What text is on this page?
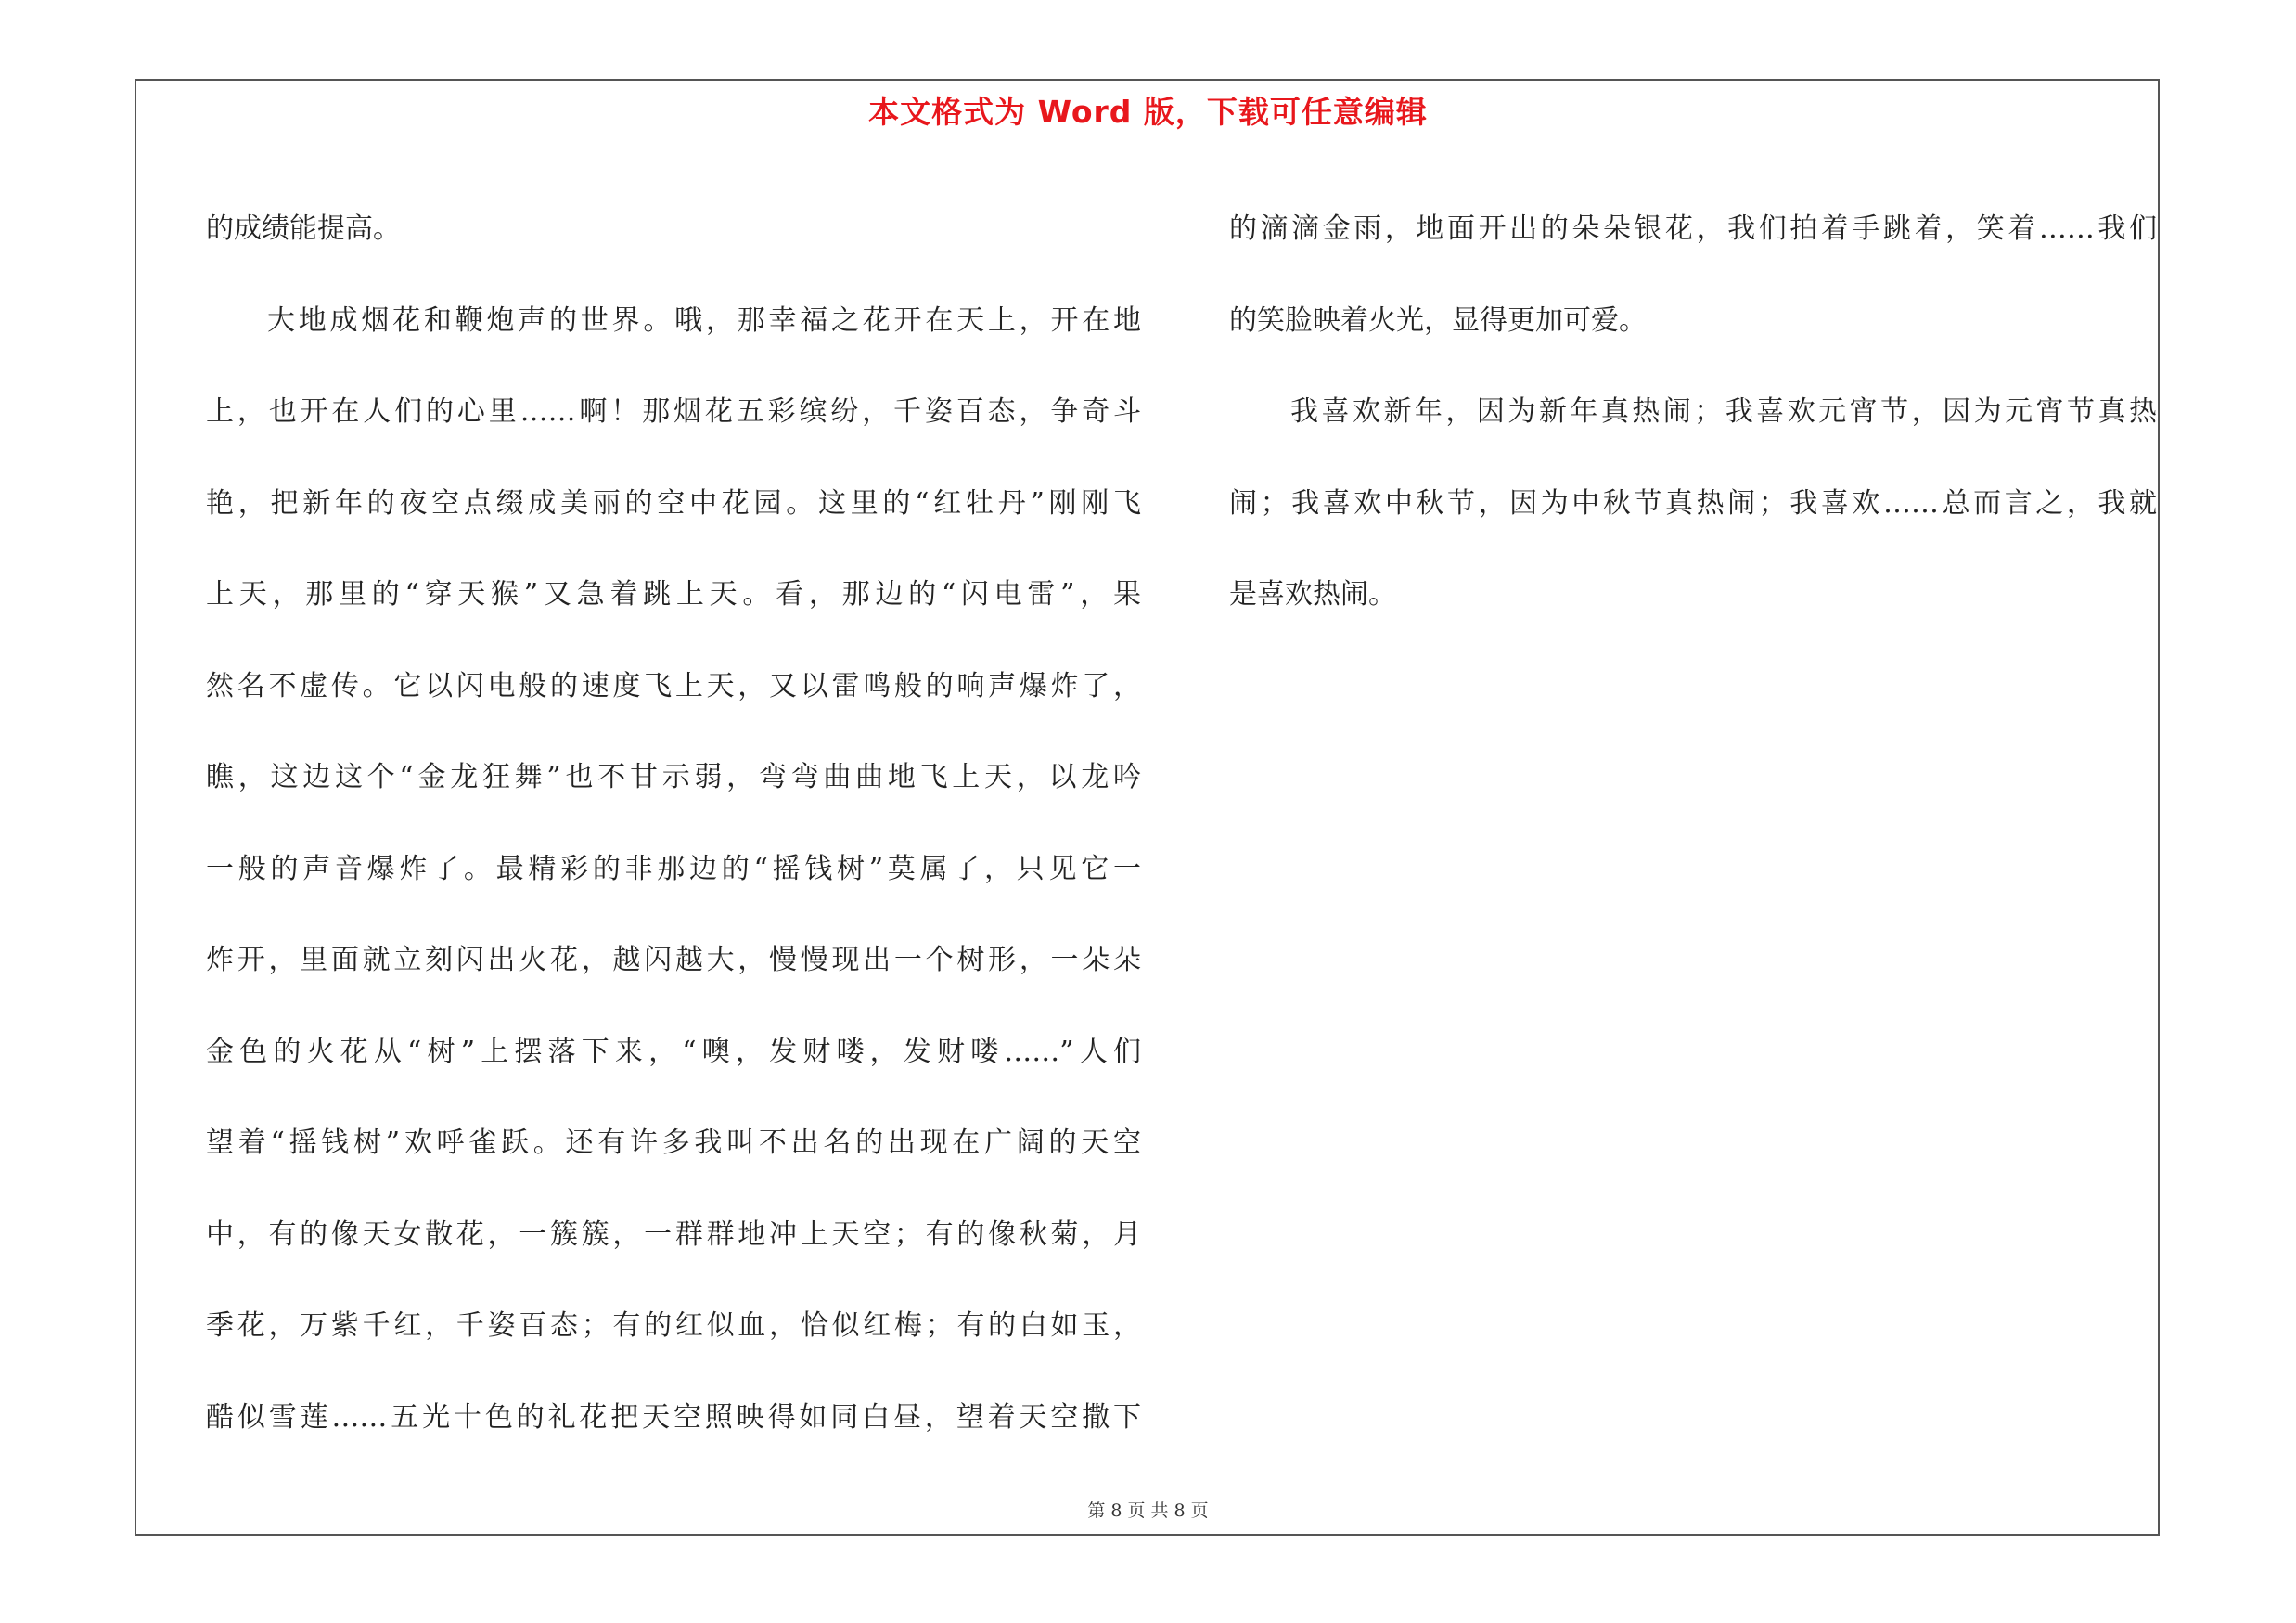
本文格式为 Word 版，下载可任意编辑
的成绩能提高。
大地成烟花和鞭炮声的世界。哦，那幸福之花开在天上，开在地
上，也开在人们的心里……啊！那烟花五彩缤纷，千姿百态，争奇斗
艳，把新年的夜空点缀成美丽的空中花园。这里的“红牡丹”刚刚飞
上天，那里的“穿天猴”又急着跳上天。看，那边的“闪电雷”，果
然名不虚传。它以闪电般的速度飞上天，又以雷鸣般的响声爆炸了，
瞧，这边这个“金龙狂舞”也不甘示弱，弯弯曲曲地飞上天，以龙吟
一般的声音爆炸了。最精彩的非那边的“摇钱树”莫属了，只见它一
炸开，里面就立刻闪出火花，越闪越大，慢慢现出一个树形，一朵朵
金色的火花从“树”上摆落下来，“噢，发财喽，发财喽……”人们
望着“摇钱树”欢呼雀跃。还有许多我叫不出名的出现在广阔的天空
中，有的像天女散花，一簇簇，一群群地冲上天空；有的像秋菊，月
季花，万紫千红，千姿百态；有的红似血，恰似红梅；有的白如玉，
酷似雪莲……五光十色的礼花把天空照映得如同白昼，望着天空撒下
的滴滴金雨，地面开出的朵朵银花，我们拍着手跳着，笑着……我们
的笑脸映着火光，显得更加可爱。
我喜欢新年，因为新年真热闹；我喜欢元宵节，因为元宵节真热
闹；我喜欢中秋节，因为中秋节真热闹；我喜欢……总而言之，我就
是喜欢热闹。
第 8 页 共 8 页
